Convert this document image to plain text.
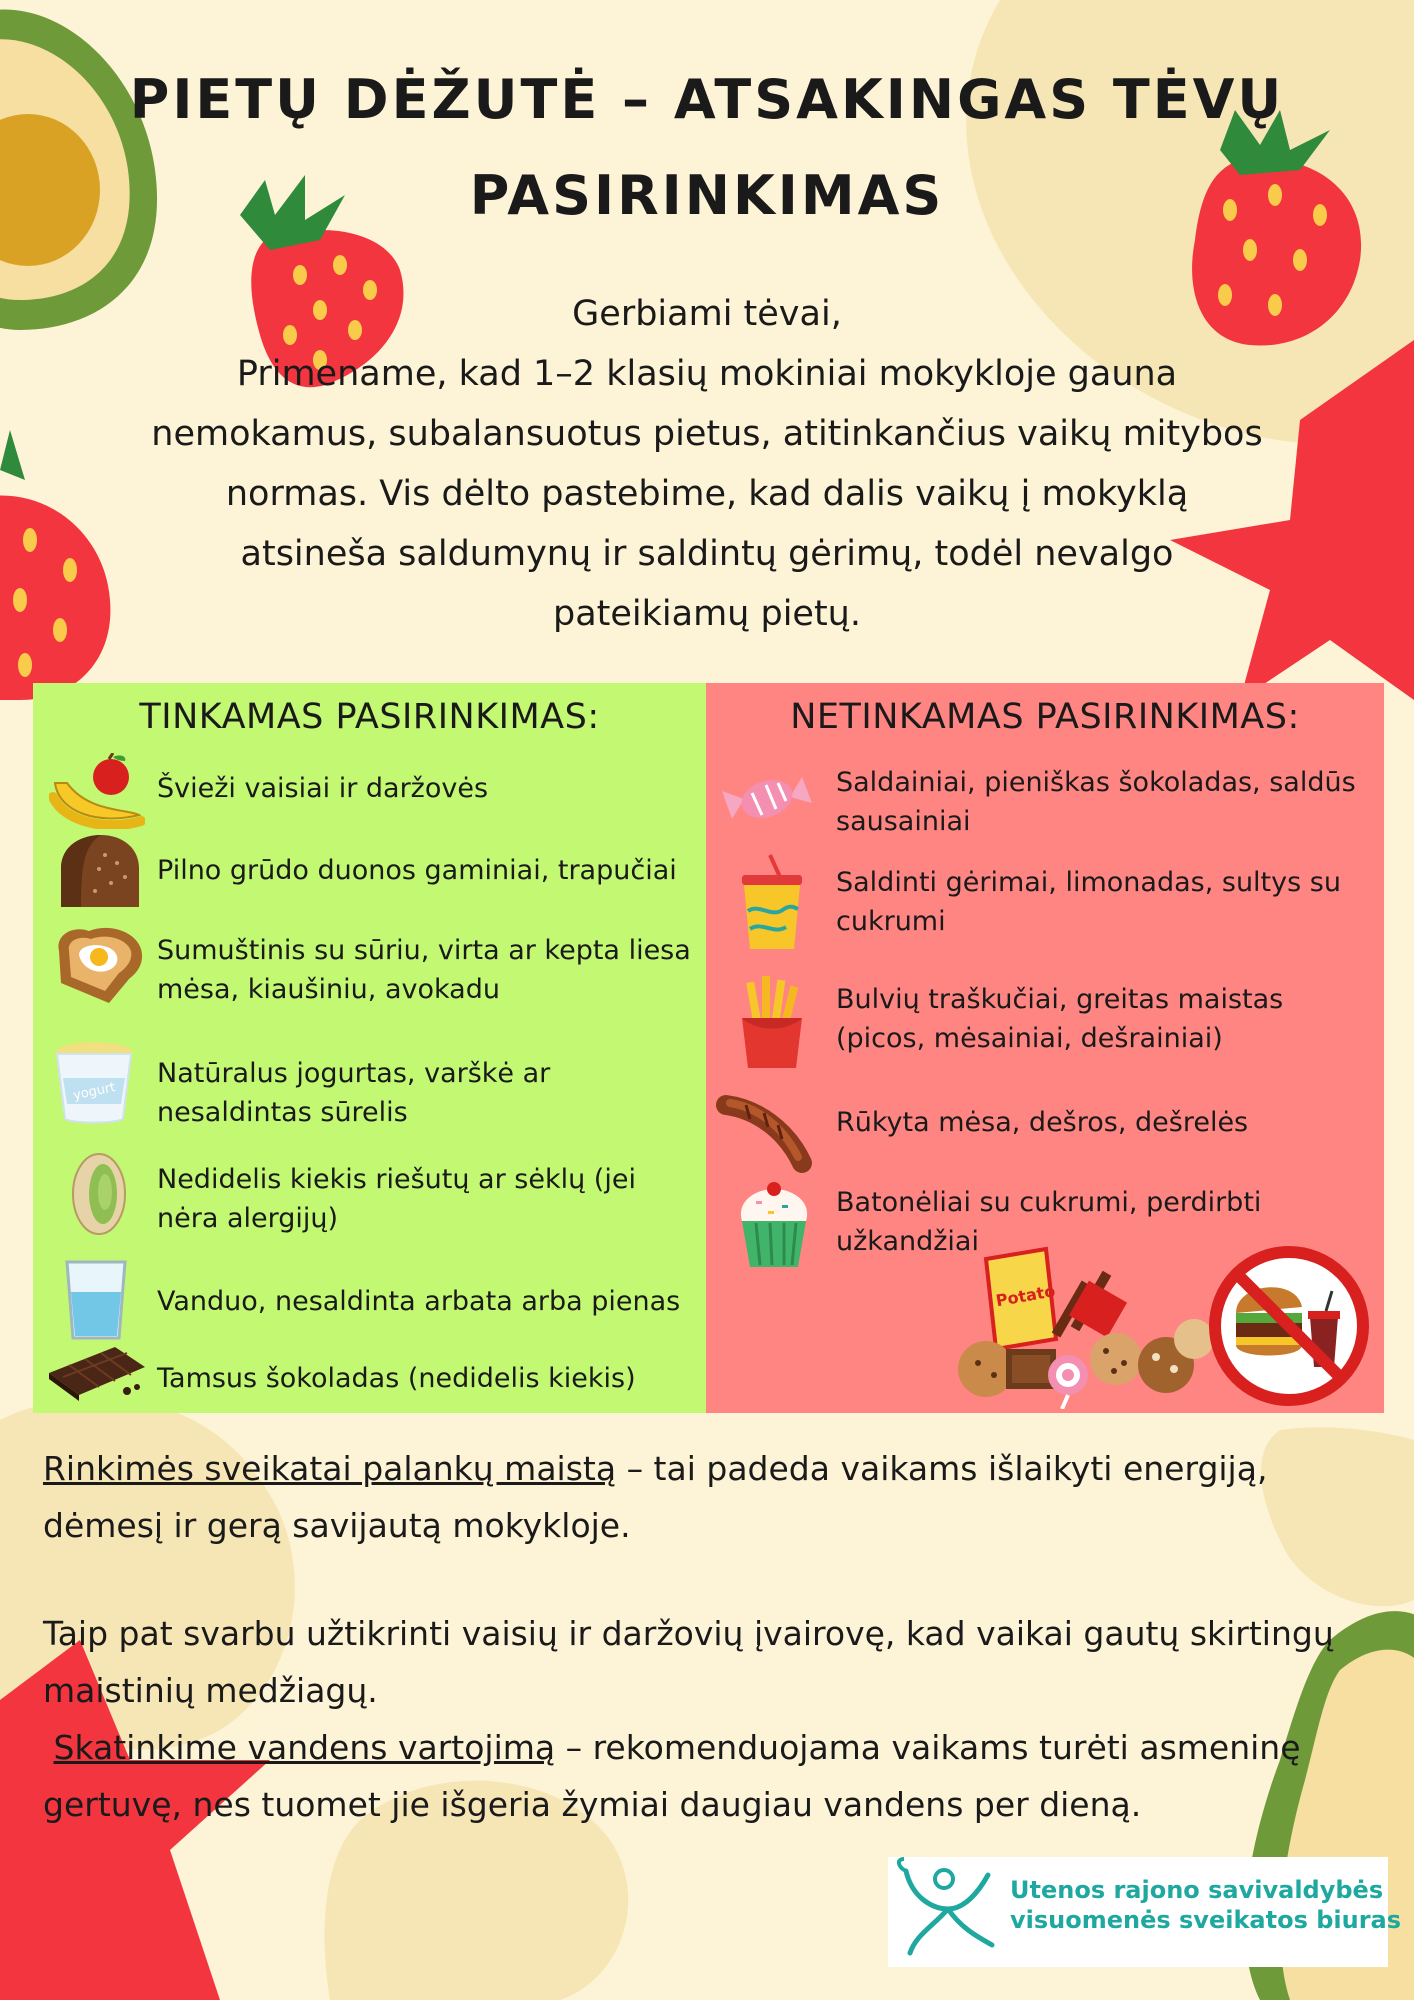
PIETŲ DĖŽUTĖ – ATSAKINGAS TĖVŲ PASIRINKIMAS

Gerbiami tėvai,

Primename, kad 1–2 klasių mokiniai mokykloje gauna nemokamus, subalansuotus pietus, atitinkančius vaikų mitybos normas. Vis dėlto pastebime, kad dalis vaikų į mokyklą atsineša saldumynų ir saldintų gėrimų, todėl nevalgo pateikiamų pietų.

TINKAMAS PASIRINKIMAS:
Švieži vaisiai ir daržovės
Pilno grūdo duonos gaminiai, trapučiai
Sumuštinis su sūriu, virta ar kepta liesa mėsa, kiaušiniu, avokadu
yogurt
Natūralus jogurtas, varškė ar nesaldintas sūrelis
Nedidelis kiekis riešutų ar sėklų (jei nėra alergijų)
Vanduo, nesaldinta arbata arba pienas
Tamsus šokoladas (nedidelis kiekis)
NETINKAMAS PASIRINKIMAS:
Saldainiai, pieniškas šokoladas, saldūs sausainiai
Saldinti gėrimai, limonadas, sultys su cukrumi
Bulvių traškučiai, greitas maistas (picos, mėsainiai, dešrainiai)
Rūkyta mėsa, dešros, dešrelės
Batonėliai su cukrumi, perdirbti užkandžiai
Potato

Rinkimės sveikatai palankų maistą – tai padeda vaikams išlaikyti energiją, dėmesį ir gerą savijautą mokykloje.

Taip pat svarbu užtikrinti vaisių ir daržovių įvairovę, kad vaikai gautų skirtingų maistinių medžiagų.

Skatinkime vandens vartojimą – rekomenduojama vaikams turėti asmeninę gertuvę, nes tuomet jie išgeria žymiai daugiau vandens per dieną.

Utenos rajono savivaldybės
visuomenės sveikatos biuras
